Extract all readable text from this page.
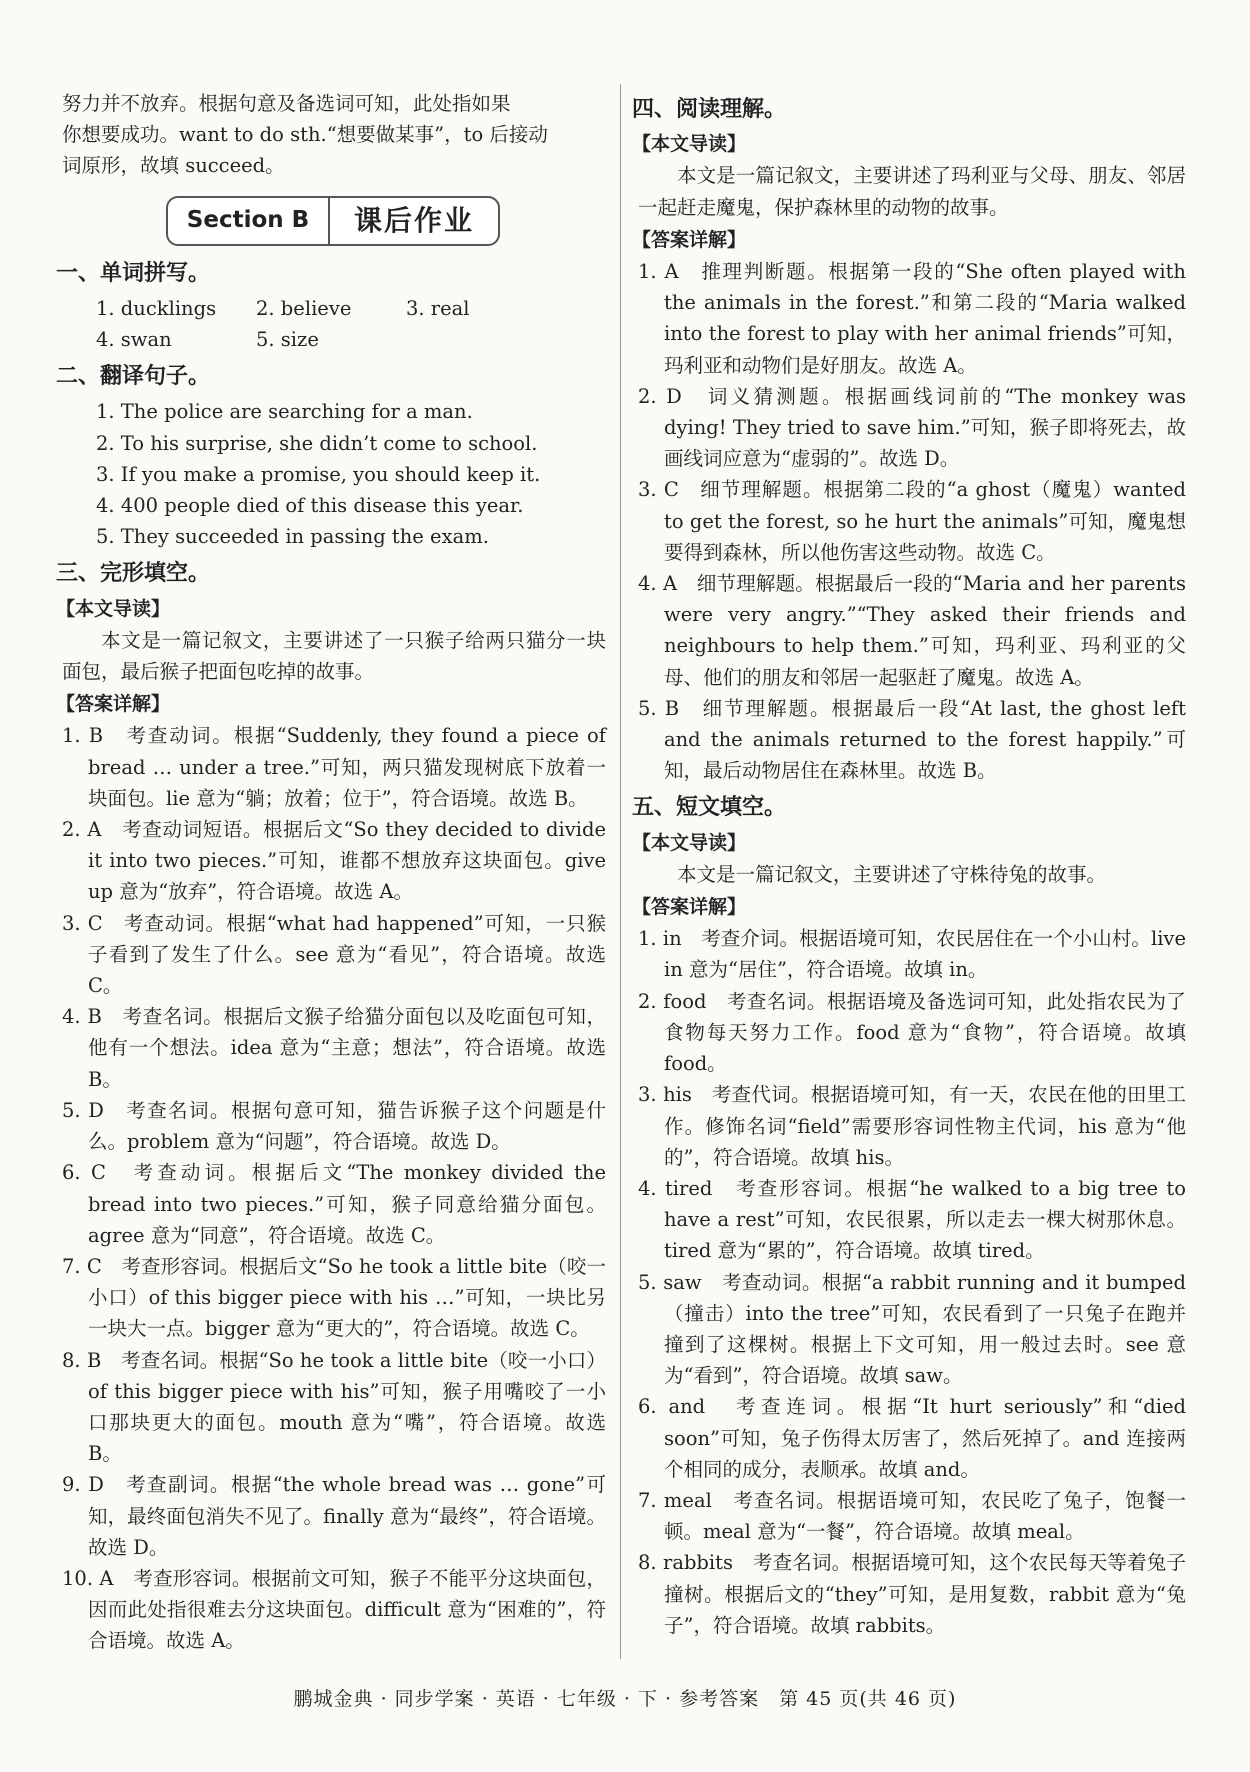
努力并不放弃。根据句意及备选词可知，此处指如果

你想要成功。want to do sth.“想要做某事”，to 后接动

词原形，故填 succeed。

Section B	课后作业
一、单词拼写。
1. ducklings	2. believe	3. real
4. swan	5. size
二、翻译句子。

1. The police are searching for a man.

2. To his surprise, she didn’t come to school.

3. If you make a promise, you should keep it.

4. 400 people died of this disease this year.

5. They succeeded in passing the exam.

三、完形填空。
【本文导读】

本文是一篇记叙文，主要讲述了一只猴子给两只猫分一块面包，最后猴子把面包吃掉的故事。

【答案详解】

1. B　考查动词。根据“Suddenly, they found a piece of bread … under a tree.”可知，两只猫发现树底下放着一块面包。lie 意为“躺；放着；位于”，符合语境。故选 B。

2. A　考查动词短语。根据后文“So they decided to divide it into two pieces.”可知，谁都不想放弃这块面包。give up 意为“放弃”，符合语境。故选 A。

3. C　考查动词。根据“what had happened”可知，一只猴子看到了发生了什么。see 意为“看见”，符合语境。故选 C。

4. B　考查名词。根据后文猴子给猫分面包以及吃面包可知，他有一个想法。idea 意为“主意；想法”，符合语境。故选 B。

5. D　考查名词。根据句意可知，猫告诉猴子这个问题是什么。problem 意为“问题”，符合语境。故选 D。

6. C　考查动词。根据后文“The monkey divided the bread into two pieces.”可知，猴子同意给猫分面包。agree 意为“同意”，符合语境。故选 C。

7. C　考查形容词。根据后文“So he took a little bite（咬一小口）of this bigger piece with his …”可知，一块比另一块大一点。bigger 意为“更大的”，符合语境。故选 C。

8. B　考查名词。根据“So he took a little bite（咬一小口）of this bigger piece with his”可知，猴子用嘴咬了一小口那块更大的面包。mouth 意为“嘴”，符合语境。故选 B。

9. D　考查副词。根据“the whole bread was … gone”可知，最终面包消失不见了。finally 意为“最终”，符合语境。故选 D。

10. A　考查形容词。根据前文可知，猴子不能平分这块面包，因而此处指很难去分这块面包。difficult 意为“困难的”，符合语境。故选 A。

四、阅读理解。
【本文导读】

本文是一篇记叙文，主要讲述了玛利亚与父母、朋友、邻居一起赶走魔鬼，保护森林里的动物的故事。

【答案详解】

1. A　推理判断题。根据第一段的“She often played with the animals in the forest.”和第二段的“Maria walked into the forest to play with her animal friends”可知，玛利亚和动物们是好朋友。故选 A。

2. D　词义猜测题。根据画线词前的“The monkey was dying! They tried to save him.”可知，猴子即将死去，故画线词应意为“虚弱的”。故选 D。

3. C　细节理解题。根据第二段的“a ghost（魔鬼）wanted to get the forest, so he hurt the animals”可知，魔鬼想要得到森林，所以他伤害这些动物。故选 C。

4. A　细节理解题。根据最后一段的“Maria and her parents were very angry.”“They asked their friends and neighbours to help them.”可知，玛利亚、玛利亚的父母、他们的朋友和邻居一起驱赶了魔鬼。故选 A。

5. B　细节理解题。根据最后一段“At last, the ghost left and the animals returned to the forest happily.”可知，最后动物居住在森林里。故选 B。

五、短文填空。
【本文导读】

本文是一篇记叙文，主要讲述了守株待兔的故事。

【答案详解】

1. in　考查介词。根据语境可知，农民居住在一个小山村。live in 意为“居住”，符合语境。故填 in。

2. food　考查名词。根据语境及备选词可知，此处指农民为了食物每天努力工作。food 意为“食物”，符合语境。故填 food。

3. his　考查代词。根据语境可知，有一天，农民在他的田里工作。修饰名词“field”需要形容词性物主代词，his 意为“他的”，符合语境。故填 his。

4. tired　考查形容词。根据“he walked to a big tree to have a rest”可知，农民很累，所以走去一棵大树那休息。tired 意为“累的”，符合语境。故填 tired。

5. saw　考查动词。根据“a rabbit running and it bumped（撞击）into the tree”可知，农民看到了一只兔子在跑并撞到了这棵树。根据上下文可知，用一般过去时。see 意为“看到”，符合语境。故填 saw。

6. and　考查连词。根据“It hurt seriously”和“died soon”可知，兔子伤得太厉害了，然后死掉了。and 连接两个相同的成分，表顺承。故填 and。

7. meal　考查名词。根据语境可知，农民吃了兔子，饱餐一顿。meal 意为“一餐”，符合语境。故填 meal。

8. rabbits　考查名词。根据语境可知，这个农民每天等着兔子撞树。根据后文的“they”可知，是用复数，rabbit 意为“兔子”，符合语境。故填 rabbits。

鹏城金典 · 同步学案 · 英语 · 七年级 · 下 · 参考答案　第 45 页(共 46 页)
